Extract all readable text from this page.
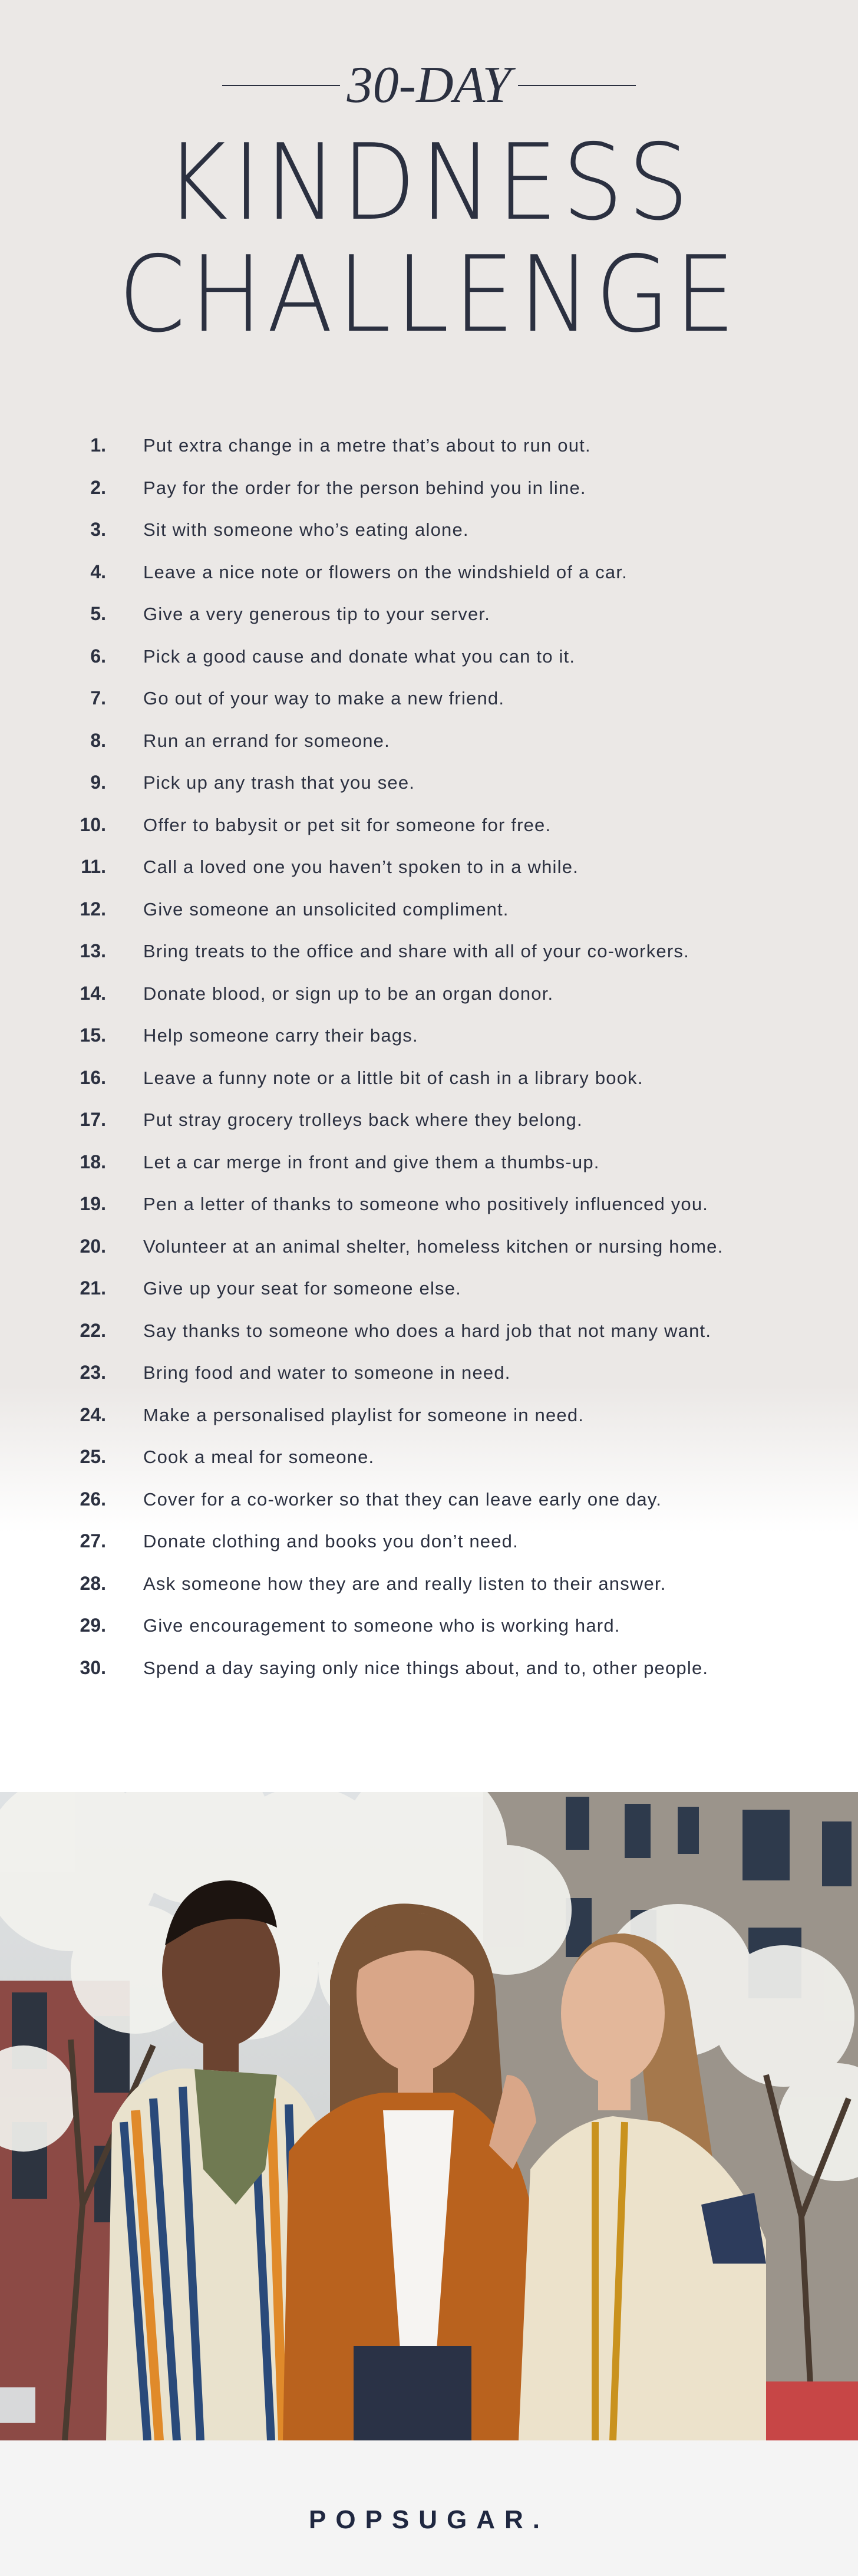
30-DAY
KINDNESS
CHALLENGE
1. Put extra change in a metre that’s about to run out.
2. Pay for the order for the person behind you in line.
3. Sit with someone who’s eating alone.
4. Leave a nice note or flowers on the windshield of a car.
5. Give a very generous tip to your server.
6. Pick a good cause and donate what you can to it.
7. Go out of your way to make a new friend.
8. Run an errand for someone.
9. Pick up any trash that you see.
10. Offer to babysit or pet sit for someone for free.
11. Call a loved one you haven’t spoken to in a while.
12. Give someone an unsolicited compliment.
13. Bring treats to the office and share with all of your co-workers.
14. Donate blood, or sign up to be an organ donor.
15. Help someone carry their bags.
16. Leave a funny note or a little bit of cash in a library book.
17. Put stray grocery trolleys back where they belong.
18. Let a car merge in front and give them a thumbs-up.
19. Pen a letter of thanks to someone who positively influenced you.
20. Volunteer at an animal shelter, homeless kitchen or nursing home.
21. Give up your seat for someone else.
22. Say thanks to someone who does a hard job that not many want.
23. Bring food and water to someone in need.
24. Make a personalised playlist for someone in need.
25. Cook a meal for someone.
26. Cover for a co-worker so that they can leave early one day.
27. Donate clothing and books you don’t need.
28. Ask someone how they are and really listen to their answer.
29. Give encouragement to someone who is working hard.
30. Spend a day saying only nice things about, and to, other people.
POPSUGAR.
